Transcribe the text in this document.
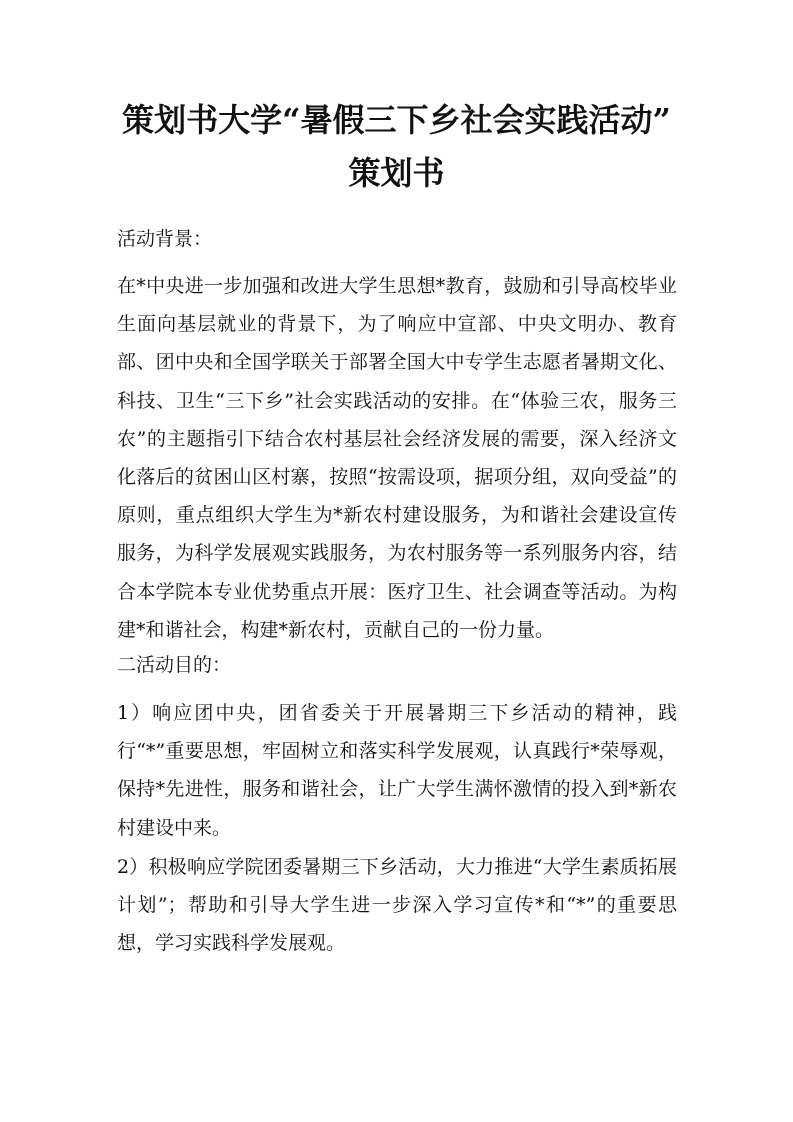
策划书大学“暑假三下乡社会实践活动”
策划书

活动背景：

在*中央进一步加强和改进大学生思想*教育，鼓励和引导高校毕业生面向基层就业的背景下，为了响应中宣部、中央文明办、教育部、团中央和全国学联关于部署全国大中专学生志愿者暑期文化、科技、卫生“三下乡”社会实践活动的安排。在“体验三农，服务三农”的主题指引下结合农村基层社会经济发展的需要，深入经济文化落后的贫困山区村寨，按照“按需设项，据项分组，双向受益”的原则，重点组织大学生为*新农村建设服务，为和谐社会建设宣传服务，为科学发展观实践服务，为农村服务等一系列服务内容，结合本学院本专业优势重点开展：医疗卫生、社会调查等活动。为构建*和谐社会，构建*新农村，贡献自己的一份力量。

二活动目的：

1）响应团中央，团省委关于开展暑期三下乡活动的精神，践行“*”重要思想，牢固树立和落实科学发展观，认真践行*荣辱观，保持*先进性，服务和谐社会，让广大学生满怀激情的投入到*新农村建设中来。

2）积极响应学院团委暑期三下乡活动，大力推进“大学生素质拓展计划”；帮助和引导大学生进一步深入学习宣传*和“*”的重要思想，学习实践科学发展观。
